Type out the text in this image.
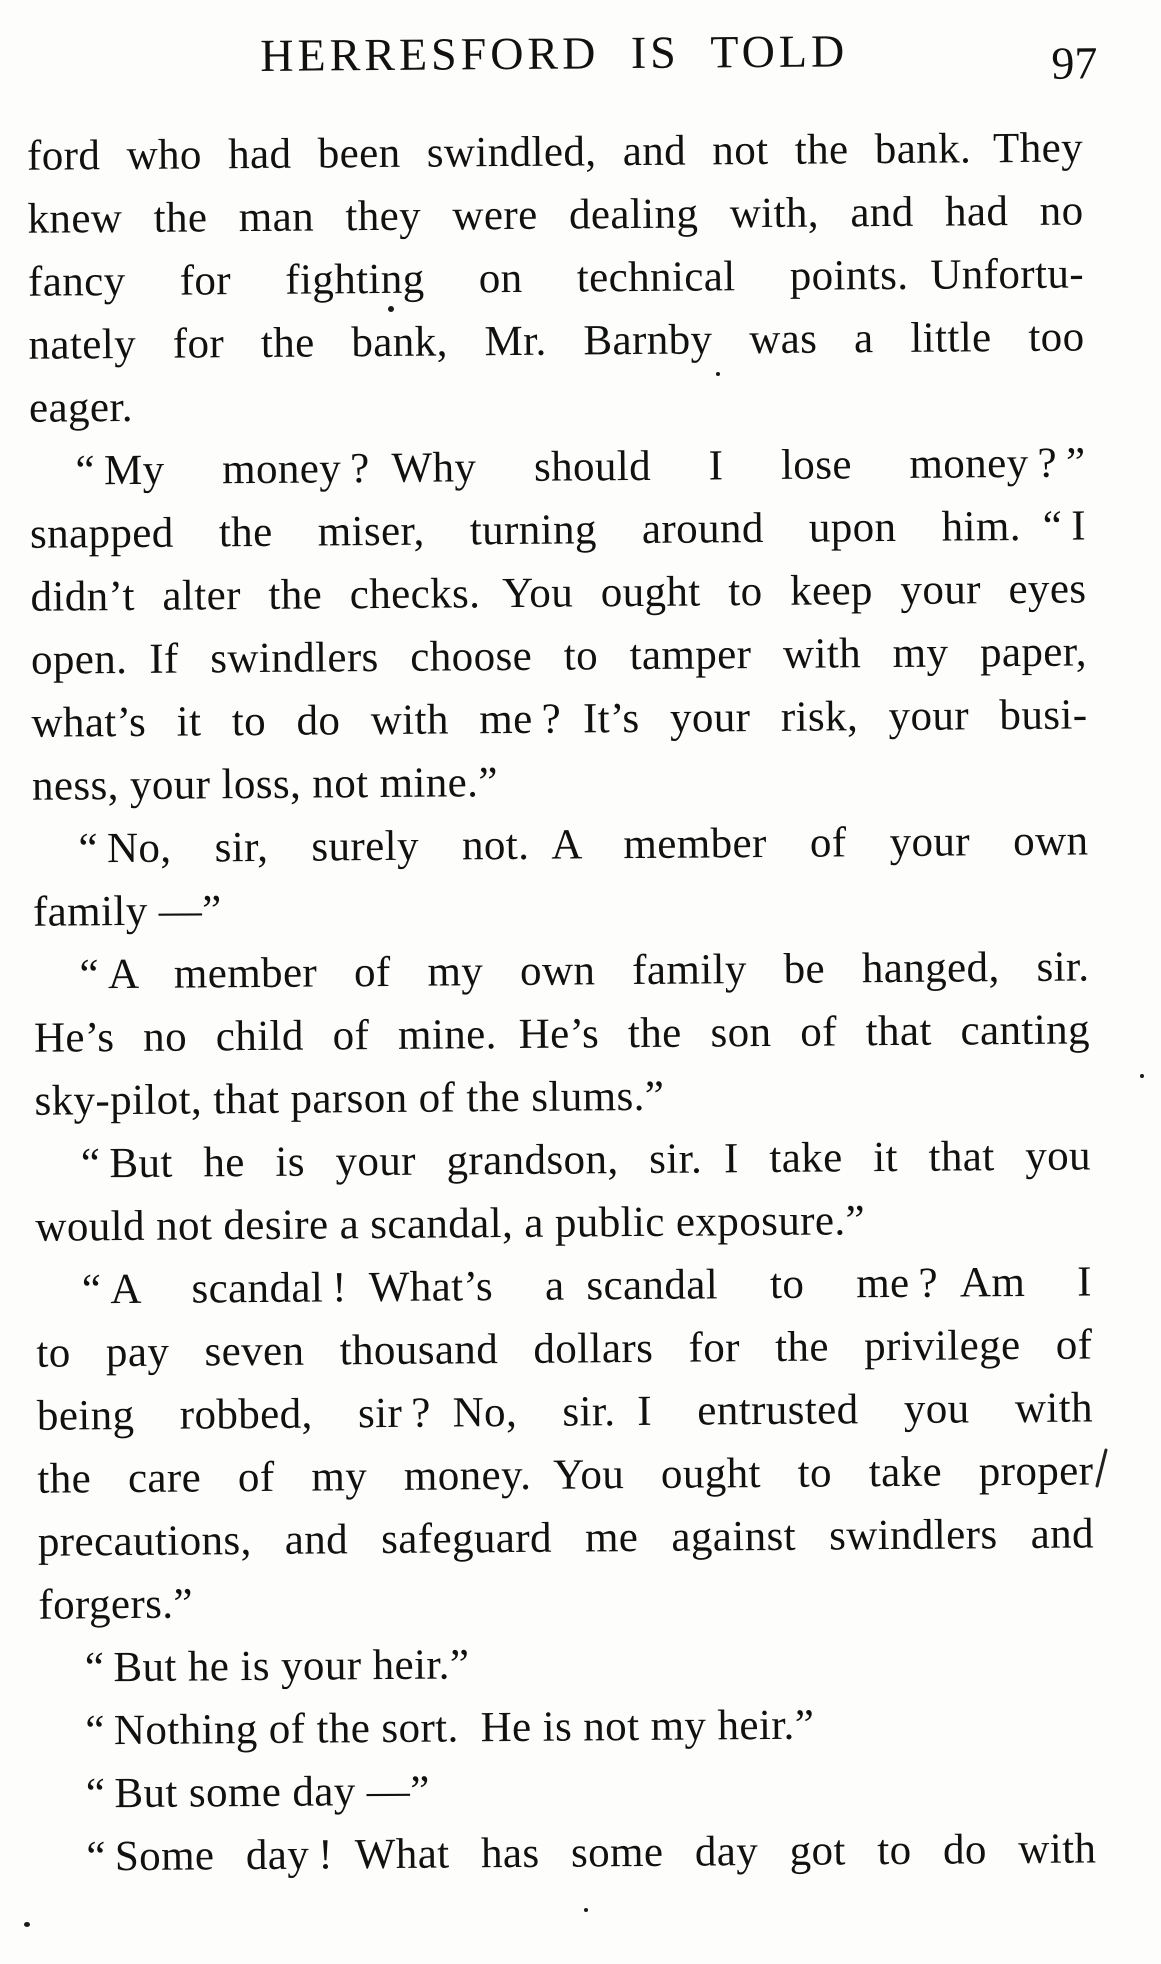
HERRESFORD IS TOLD	97
ford who had been swindled, and not the bank. They
knew the man they were dealing with, and had no
fancy for fighting on technical points. Unfortu-
nately for the bank, Mr. Barnby was a little too
eager.
“ My money ? Why should I lose money ? ”
snapped the miser, turning around upon him. “ I
didn’t alter the checks. You ought to keep your eyes
open. If swindlers choose to tamper with my paper,
what’s it to do with me ? It’s your risk, your busi-
ness, your loss, not mine.”
“ No, sir, surely not. A member of your own
family —”
“ A member of my own family be hanged, sir.
He’s no child of mine. He’s the son of that canting
sky-pilot, that parson of the slums.”
“ But he is your grandson, sir. I take it that you
would not desire a scandal, a public exposure.”
“ A scandal ! What’s a scandal to me ? Am I
to pay seven thousand dollars for the privilege of
being robbed, sir ? No, sir. I entrusted you with
the care of my money. You ought to take proper
precautions, and safeguard me against swindlers and
forgers.”
“ But he is your heir.”
“ Nothing of the sort. He is not my heir.”
“ But some day —”
“ Some day ! What has some day got to do with
